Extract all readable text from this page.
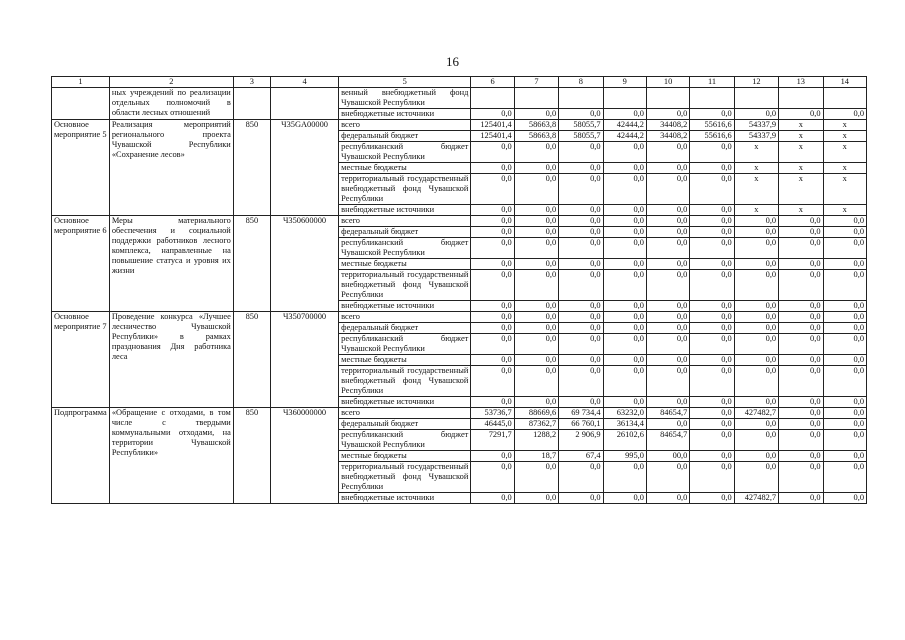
16
1	2	3	4	5	6	7	8	9	10	11	12	13	14
	ных учреждений по реализации отдельных полномочий в области лесных отношений			венный внебюджетный фонд Чувашской Республики									
				внебюджетные источники	0,0	0,0	0,0	0,0	0,0	0,0	0,0	0,0	0,0
Основное мероприятие 5	Реализация мероприятий регионального проекта Чувашской Республики «Сохранение лесов»	850	Ч35GA00000	всего	125401,4	58663,8	58055,7	42444,2	34408,2	55616,6	54337,9	x	x
				федеральный бюджет	125401,4	58663,8	58055,7	42444,2	34408,2	55616,6	54337,9	x	x
				республиканский бюджет Чувашской Республики	0,0	0,0	0,0	0,0	0,0	0,0	x	x	x
				местные бюджеты	0,0	0,0	0,0	0,0	0,0	0,0	x	x	x
				территориальный государственный внебюджетный фонд Чувашской Республики	0,0	0,0	0,0	0,0	0,0	0,0	x	x	x
				внебюджетные источники	0,0	0,0	0,0	0,0	0,0	0,0	x	x	x
Основное мероприятие 6	Меры материального обеспечения и социальной поддержки работников лесного комплекса, направленные на повышение статуса и уровня их жизни	850	Ч350600000	всего	0,0	0,0	0,0	0,0	0,0	0,0	0,0	0,0	0,0
				федеральный бюджет	0,0	0,0	0,0	0,0	0,0	0,0	0,0	0,0	0,0
				республиканский бюджет Чувашской Республики	0,0	0,0	0,0	0,0	0,0	0,0	0,0	0,0	0,0
				местные бюджеты	0,0	0,0	0,0	0,0	0,0	0,0	0,0	0,0	0,0
				территориальный государственный внебюджетный фонд Чувашской Республики	0,0	0,0	0,0	0,0	0,0	0,0	0,0	0,0	0,0
				внебюджетные источники	0,0	0,0	0,0	0,0	0,0	0,0	0,0	0,0	0,0
Основное мероприятие 7	Проведение конкурса «Лучшее лесничество Чувашской Республики» в рамках празднования Дня работника леса	850	Ч350700000	всего	0,0	0,0	0,0	0,0	0,0	0,0	0,0	0,0	0,0
				федеральный бюджет	0,0	0,0	0,0	0,0	0,0	0,0	0,0	0,0	0,0
				республиканский бюджет Чувашской Республики	0,0	0,0	0,0	0,0	0,0	0,0	0,0	0,0	0,0
				местные бюджеты	0,0	0,0	0,0	0,0	0,0	0,0	0,0	0,0	0,0
				территориальный государственный внебюджетный фонд Чувашской Республики	0,0	0,0	0,0	0,0	0,0	0,0	0,0	0,0	0,0
				внебюджетные источники	0,0	0,0	0,0	0,0	0,0	0,0	0,0	0,0	0,0
Подпрограмма	«Обращение с отходами, в том числе с твердыми коммунальными отходами, на территории Чувашской Республики»	850	Ч360000000	всего	53736,7	88669,6	69 734,4	63232,0	84654,7	0,0	427482,7	0,0	0,0
				федеральный бюджет	46445,0	87362,7	66 760,1	36134,4	0,0	0,0	0,0	0,0	0,0
				республиканский бюджет Чувашской Республики	7291,7	1288,2	2 906,9	26102,6	84654,7	0,0	0,0	0,0	0,0
				местные бюджеты	0,0	18,7	67,4	995,0	00,0	0,0	0,0	0,0	0,0
				территориальный государственный внебюджетный фонд Чувашской Республики	0,0	0,0	0,0	0,0	0,0	0,0	0,0	0,0	0,0
				внебюджетные источники	0,0	0,0	0,0	0,0	0,0	0,0	427482,7	0,0	0,0
